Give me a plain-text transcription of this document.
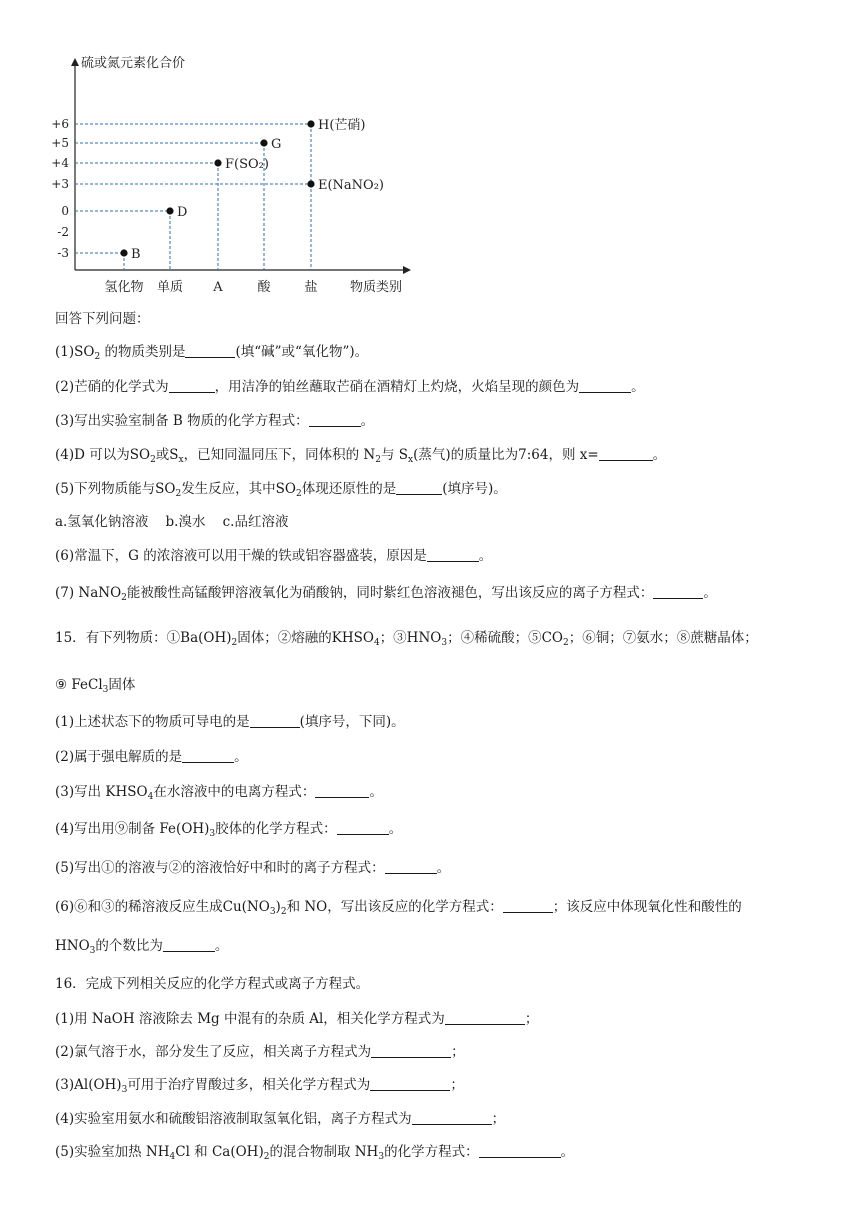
硫或氮元素化合价
+6
+5
+4
+3
0
-2
-3
氢化物 单质 A	酸	盐 物质类别
B
D
F(SO₂)
G
H(芒硝)
E(NaNO₂)
回答下列问题：
$(1)SO_2$ 的物质类别是	(填“碱”或“氧化物”)。
(2)芒硝的化学式为	，用洁净的铂丝蘸取芒硝在酒精灯上灼烧，火焰呈现的颜色为	。
(3)写出实验室制备 B 物质的化学方程式：	。
(4)D 可以为$SO_2$或$S_x$，已知同温同压下，同体积的 $N_2$与 $S_x$(蒸气)的质量比为7:64，则 x=	。
(5)下列物质能与$SO_2$发生反应，其中$SO_2$体现还原性的是	(填序号)。
a.氢氧化钠溶液    b.溴水    c.品红溶液
(6)常温下，G 的浓溶液可以用干燥的铁或铝容器盛装，原因是	。
(7) NaNO$_2$能被酸性高锰酸钾溶液氧化为硝酸钠，同时紫红色溶液褪色，写出该反应的离子方程式：	。
15．有下列物质：$①Ba(OH)_2$固体；②熔融的$KHSO_4$；$③HNO_3$；④稀硫酸；$⑤CO_2$；⑥铜；⑦氨水；⑧蔗糖晶体；
⑨ FeCl$_3$固体
(1)上述状态下的物质可导电的是	(填序号，下同)。
(2)属于强电解质的是	。
(3)写出 $KHSO_4$在水溶液中的电离方程式：	。
(4)写出用⑨制备 $Fe(OH)_3$胶体的化学方程式：	。
(5)写出①的溶液与②的溶液恰好中和时的离子方程式：	。
(6)⑥和③的稀溶液反应生成$Cu(NO_3)_2$和 NO，写出该反应的化学方程式：	；该反应中体现氧化性和酸性的
$HNO_3$的个数比为	。
16．完成下列相关反应的化学方程式或离子方程式。
(1)用 NaOH 溶液除去 Mg 中混有的杂质 Al，相关化学方程式为	；
(2)氯气溶于水，部分发生了反应，相关离子方程式为	；
$(3)Al(OH)_3$可用于治疗胃酸过多，相关化学方程式为	；
(4)实验室用氨水和硫酸铝溶液制取氢氧化铝，离子方程式为	；
(5)实验室加热 $NH_4Cl$ 和 $Ca(OH)_2$的混合物制取 $NH_3$的化学方程式：	。
